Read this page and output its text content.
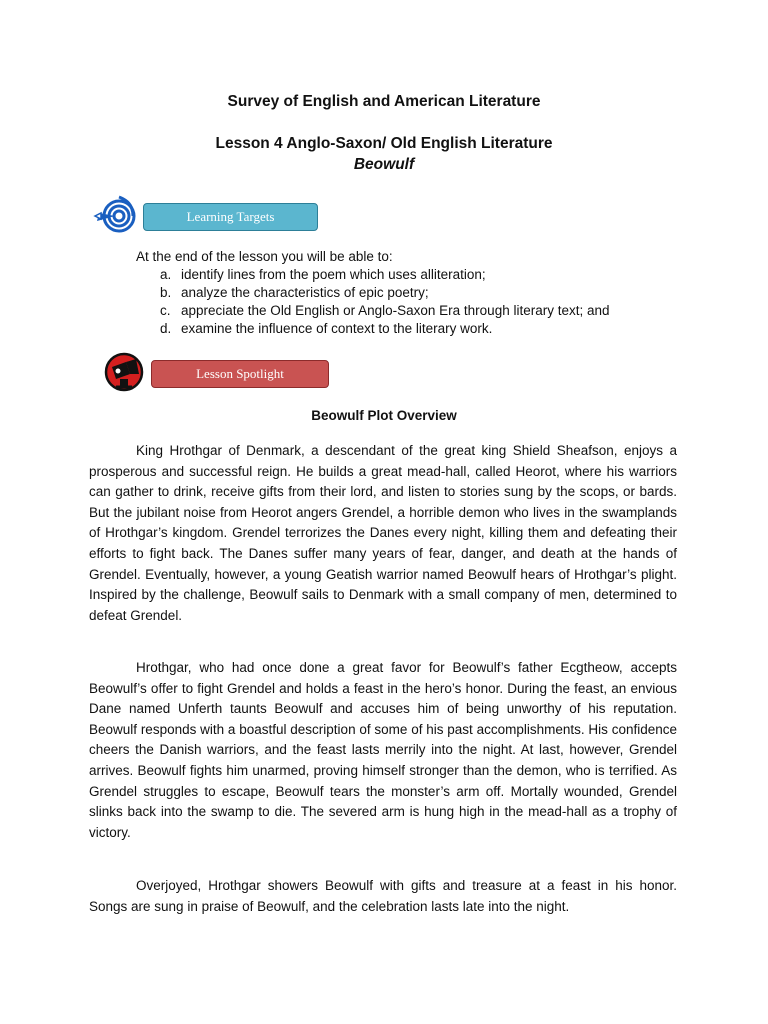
Survey of English and American Literature
Lesson 4 Anglo-Saxon/ Old English Literature
Beowulf
Learning Targets
At the end of the lesson you will be able to:
a. identify lines from the poem which uses alliteration;
b. analyze the characteristics of epic poetry;
c. appreciate the Old English or Anglo-Saxon Era through literary text; and
d. examine the influence of context to the literary work.
Lesson Spotlight
Beowulf Plot Overview

King Hrothgar of Denmark, a descendant of the great king Shield Sheafson, enjoys a prosperous and successful reign. He builds a great mead-hall, called Heorot, where his warriors can gather to drink, receive gifts from their lord, and listen to stories sung by the scops, or bards. But the jubilant noise from Heorot angers Grendel, a horrible demon who lives in the swamplands of Hrothgar’s kingdom. Grendel terrorizes the Danes every night, killing them and defeating their efforts to fight back. The Danes suffer many years of fear, danger, and death at the hands of Grendel. Eventually, however, a young Geatish warrior named Beowulf hears of Hrothgar’s plight. Inspired by the challenge, Beowulf sails to Denmark with a small company of men, determined to defeat Grendel.

Hrothgar, who had once done a great favor for Beowulf’s father Ecgtheow, accepts Beowulf’s offer to fight Grendel and holds a feast in the hero’s honor. During the feast, an envious Dane named Unferth taunts Beowulf and accuses him of being unworthy of his reputation. Beowulf responds with a boastful description of some of his past accomplishments. His confidence cheers the Danish warriors, and the feast lasts merrily into the night. At last, however, Grendel arrives. Beowulf fights him unarmed, proving himself stronger than the demon, who is terrified. As Grendel struggles to escape, Beowulf tears the monster’s arm off. Mortally wounded, Grendel slinks back into the swamp to die. The severed arm is hung high in the mead-hall as a trophy of victory.

Overjoyed, Hrothgar showers Beowulf with gifts and treasure at a feast in his honor. Songs are sung in praise of Beowulf, and the celebration lasts late into the night.
